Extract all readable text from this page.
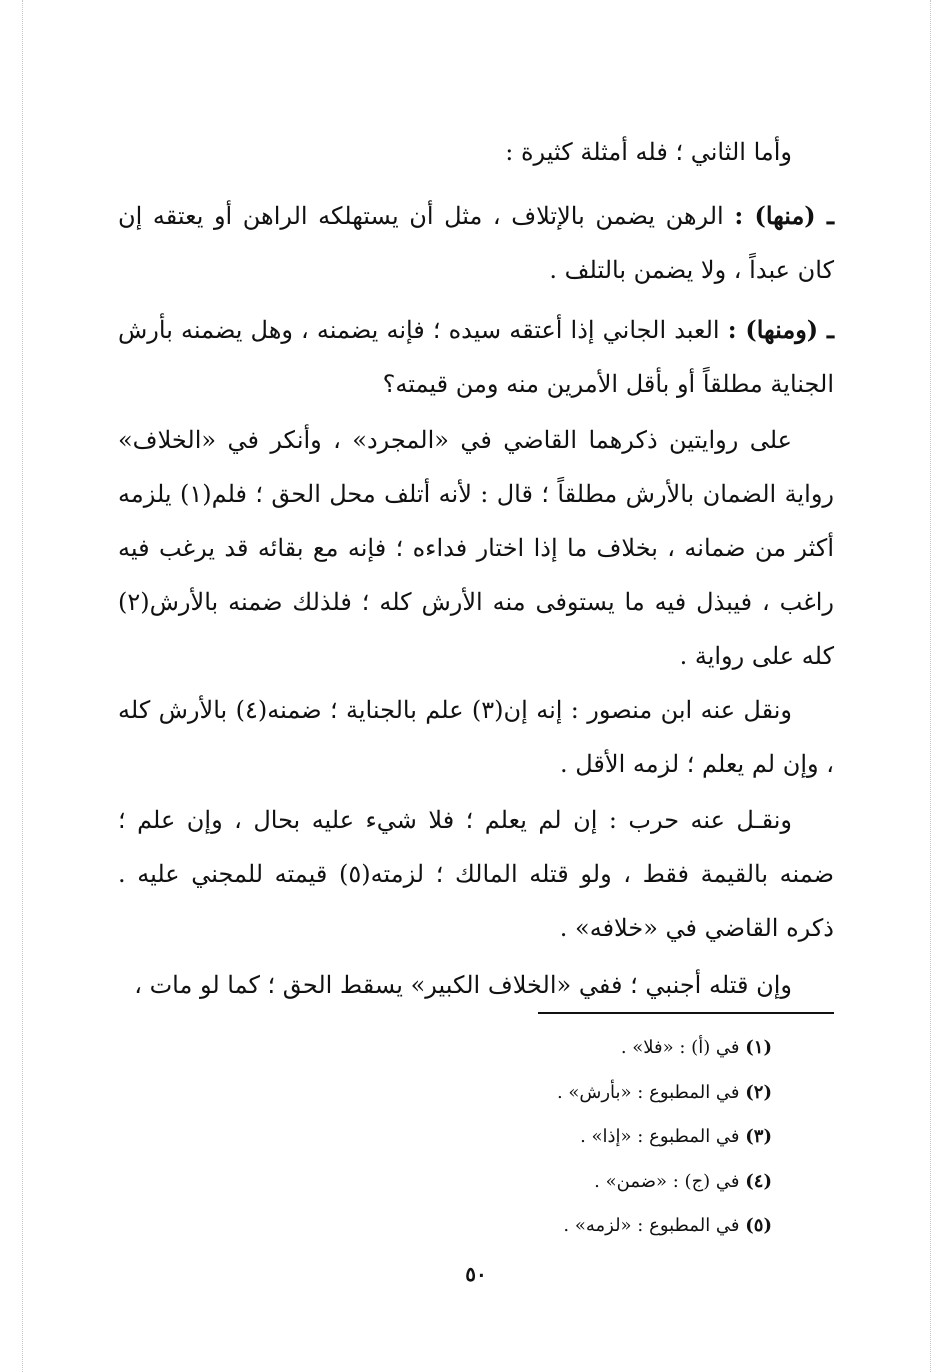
وأما الثاني ؛ فله أمثلة كثيرة :

ـ (منها) : الرهن يضمن بالإتلاف ، مثل أن يستهلكه الراهن أو يعتقه إن كان عبداً ، ولا يضمن بالتلف .

ـ (ومنها) : العبد الجاني إذا أعتقه سيده ؛ فإنه يضمنه ، وهل يضمنه بأرش الجناية مطلقاً أو بأقل الأمرين منه ومن قيمته؟

على روايتين ذكرهما القاضي في «المجرد» ، وأنكر في «الخلاف» رواية الضمان بالأرش مطلقاً ؛ قال : لأنه أتلف محل الحق ؛ فلم(١) يلزمه أكثر من ضمانه ، بخلاف ما إذا اختار فداءه ؛ فإنه مع بقائه قد يرغب فيه راغب ، فيبذل فيه ما يستوفى منه الأرش كله ؛ فلذلك ضمنه بالأرش(٢) كله على رواية .

ونقل عنه ابن منصور : إنه إن(٣) علم بالجناية ؛ ضمنه(٤) بالأرش كله ، وإن لم يعلم ؛ لزمه الأقل .

ونقـل عنه حرب : إن لم يعلم ؛ فلا شيء عليه بحال ، وإن علم ؛ ضمنه بالقيمة فقط ، ولو قتله المالك ؛ لزمته(٥) قيمته للمجني عليه . ذكره القاضي في «خلافه» .

وإن قتله أجنبي ؛ ففي «الخلاف الكبير» يسقط الحق ؛ كما لو مات ،

(١) في (أ) : «فلا» .

(٢) في المطبوع : «بأرش» .

(٣) في المطبوع : «إذا» .

(٤) في (ج) : «ضمن» .

(٥) في المطبوع : «لزمه» .

٥٠
